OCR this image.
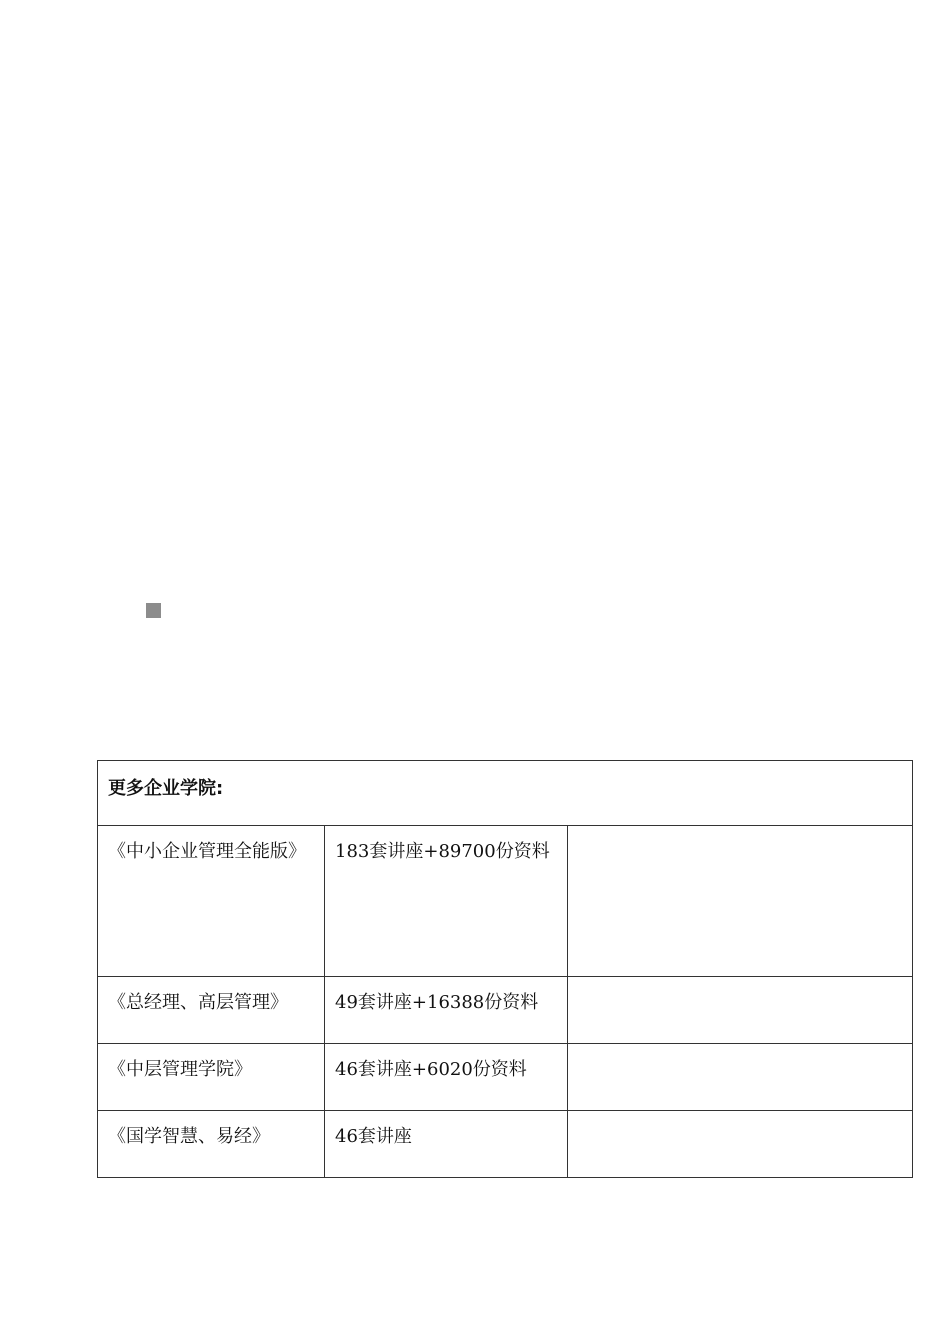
更多企业学院:		

《中小企业管理全能版》	183套讲座+89700份资料	

《总经理、高层管理》	49套讲座+16388份资料	

《中层管理学院》	46套讲座+6020份资料	

《国学智慧、易经》	46套讲座	
